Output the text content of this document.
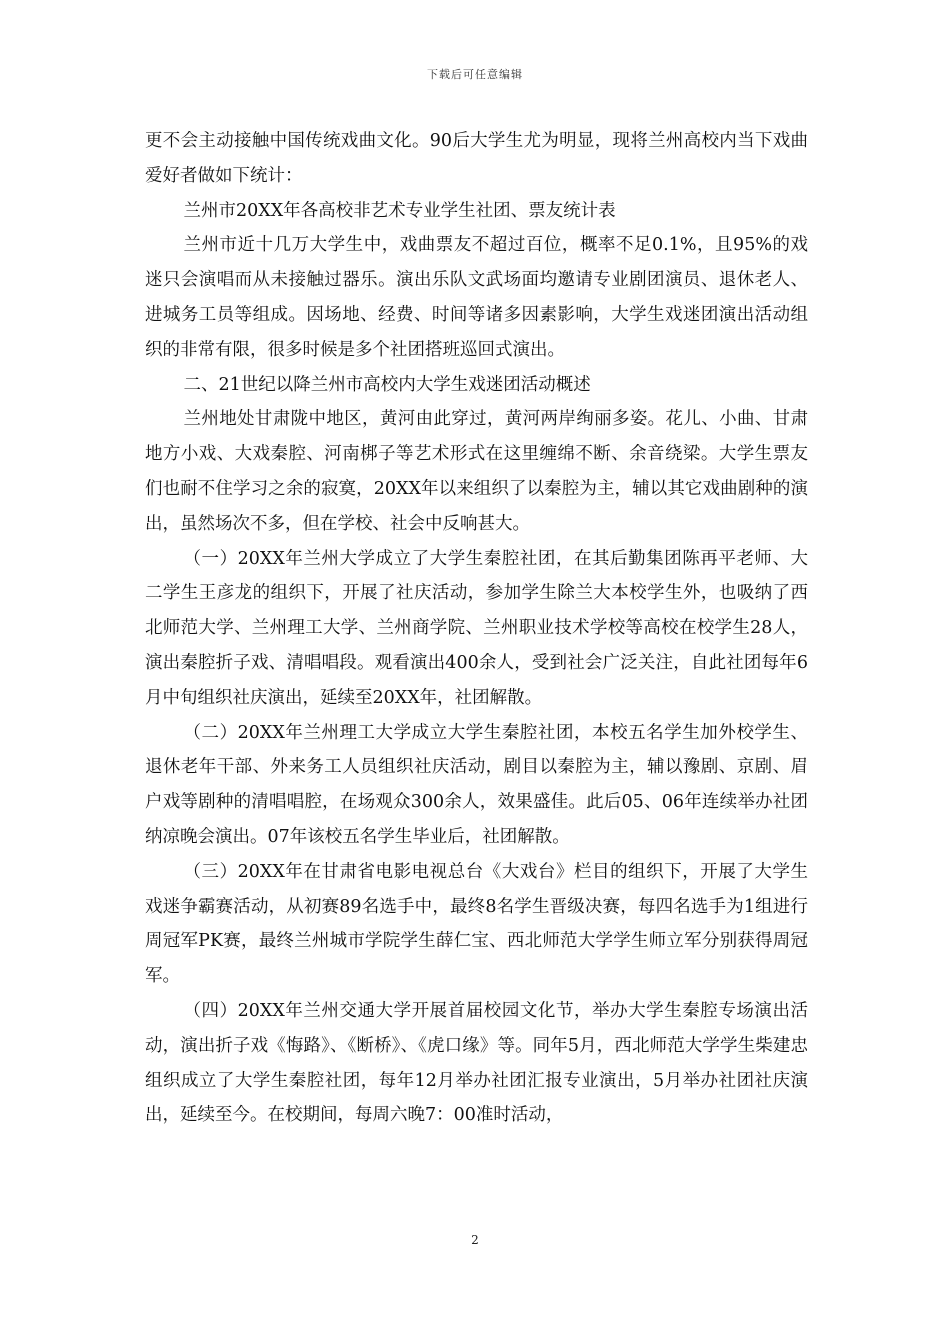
下载后可任意编辑

更不会主动接触中国传统戏曲文化。90后大学生尤为明显，现将兰州高校内当下戏曲爱好者做如下统计：

兰州市20XX年各高校非艺术专业学生社团、票友统计表

兰州市近十几万大学生中，戏曲票友不超过百位，概率不足0.1%，且95%的戏迷只会演唱而从未接触过器乐。演出乐队文武场面均邀请专业剧团演员、退休老人、进城务工员等组成。因场地、经费、时间等诸多因素影响，大学生戏迷团演出活动组织的非常有限，很多时候是多个社团搭班巡回式演出。

二、21世纪以降兰州市高校内大学生戏迷团活动概述

兰州地处甘肃陇中地区，黄河由此穿过，黄河两岸绚丽多姿。花儿、小曲、甘肃地方小戏、大戏秦腔、河南梆子等艺术形式在这里缠绵不断、余音绕梁。大学生票友们也耐不住学习之余的寂寞，20XX年以来组织了以秦腔为主，辅以其它戏曲剧种的演出，虽然场次不多，但在学校、社会中反响甚大。

（一）20XX年兰州大学成立了大学生秦腔社团，在其后勤集团陈再平老师、大二学生王彦龙的组织下，开展了社庆活动，参加学生除兰大本校学生外，也吸纳了西北师范大学、兰州理工大学、兰州商学院、兰州职业技术学校等高校在校学生28人，演出秦腔折子戏、清唱唱段。观看演出400余人，受到社会广泛关注，自此社团每年6月中旬组织社庆演出，延续至20XX年，社团解散。

（二）20XX年兰州理工大学成立大学生秦腔社团，本校五名学生加外校学生、退休老年干部、外来务工人员组织社庆活动，剧目以秦腔为主，辅以豫剧、京剧、眉户戏等剧种的清唱唱腔，在场观众300余人，效果盛佳。此后05、06年连续举办社团纳凉晚会演出。07年该校五名学生毕业后，社团解散。

（三）20XX年在甘肃省电影电视总台《大戏台》栏目的组织下，开展了大学生戏迷争霸赛活动，从初赛89名选手中，最终8名学生晋级决赛，每四名选手为1组进行周冠军PK赛，最终兰州城市学院学生薛仁宝、西北师范大学学生师立军分别获得周冠军。

（四）20XX年兰州交通大学开展首届校园文化节，举办大学生秦腔专场演出活动，演出折子戏《悔路》、《断桥》、《虎口缘》等。同年5月，西北师范大学学生柴建忠组织成立了大学生秦腔社团，每年12月举办社团汇报专业演出，5月举办社团社庆演出，延续至今。在校期间，每周六晚7：00准时活动，

2
